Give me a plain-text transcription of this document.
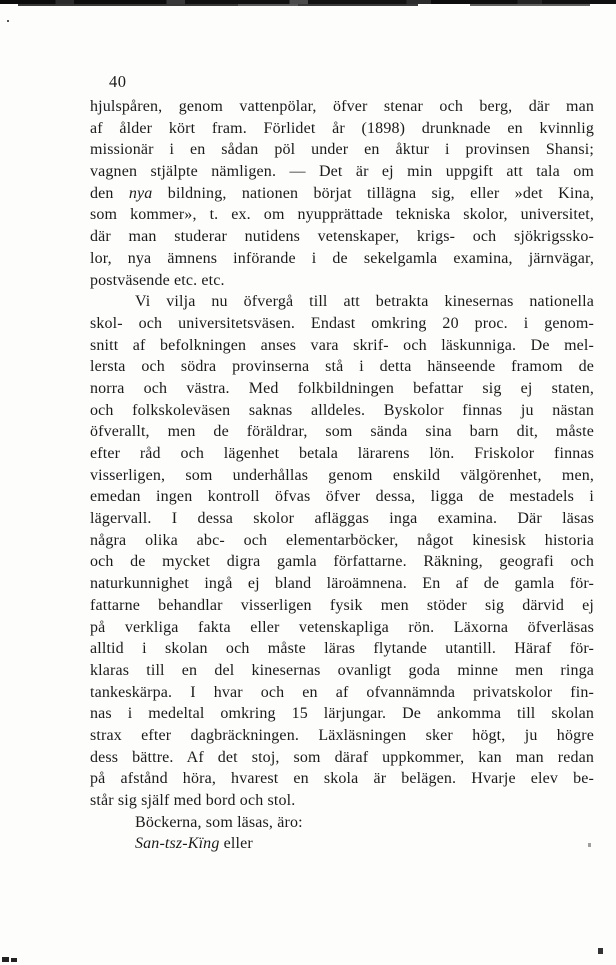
40
hjulspåren, genom vattenpölar, öfver stenar och berg, där man
af ålder kört fram. Förlidet år (1898) drunknade en kvinnlig
missionär i en sådan pöl under en åktur i provinsen Shansi;
vagnen stjälpte nämligen. — Det är ej min uppgift att tala om
den nya bildning, nationen börjat tillägna sig, eller »det Kina,
som kommer», t. ex. om nyupprättade tekniska skolor, universitet,
där man studerar nutidens vetenskaper, krigs- och sjökrigssko-
lor, nya ämnens införande i de sekelgamla examina, järnvägar,
postväsende etc. etc.
Vi vilja nu öfvergå till att betrakta kinesernas nationella
skol- och universitetsväsen. Endast omkring 20 proc. i genom-
snitt af befolkningen anses vara skrif- och läskunniga. De mel-
lersta och södra provinserna stå i detta hänseende framom de
norra och västra. Med folkbildningen befattar sig ej staten,
och folkskoleväsen saknas alldeles. Byskolor finnas ju nästan
öfverallt, men de föräldrar, som sända sina barn dit, måste
efter råd och lägenhet betala lärarens lön. Friskolor finnas
visserligen, som underhållas genom enskild välgörenhet, men,
emedan ingen kontroll öfvas öfver dessa, ligga de mestadels i
lägervall. I dessa skolor afläggas inga examina. Där läsas
några olika abc- och elementarböcker, något kinesisk historia
och de mycket digra gamla författarne. Räkning, geografi och
naturkunnighet ingå ej bland läroämnena. En af de gamla för-
fattarne behandlar visserligen fysik men stöder sig därvid ej
på verkliga fakta eller vetenskapliga rön. Läxorna öfverläsas
alltid i skolan och måste läras flytande utantill. Häraf för-
klaras till en del kinesernas ovanligt goda minne men ringa
tankeskärpa. I hvar och en af ofvannämnda privatskolor fin-
nas i medeltal omkring 15 lärjungar. De ankomma till skolan
strax efter dagbräckningen. Läxläsningen sker högt, ju högre
dess bättre. Af det stoj, som däraf uppkommer, kan man redan
på afstånd höra, hvarest en skola är belägen. Hvarje elev be-
står sig själf med bord och stol.
Böckerna, som läsas, äro:
San-tsz-Kïng eller
